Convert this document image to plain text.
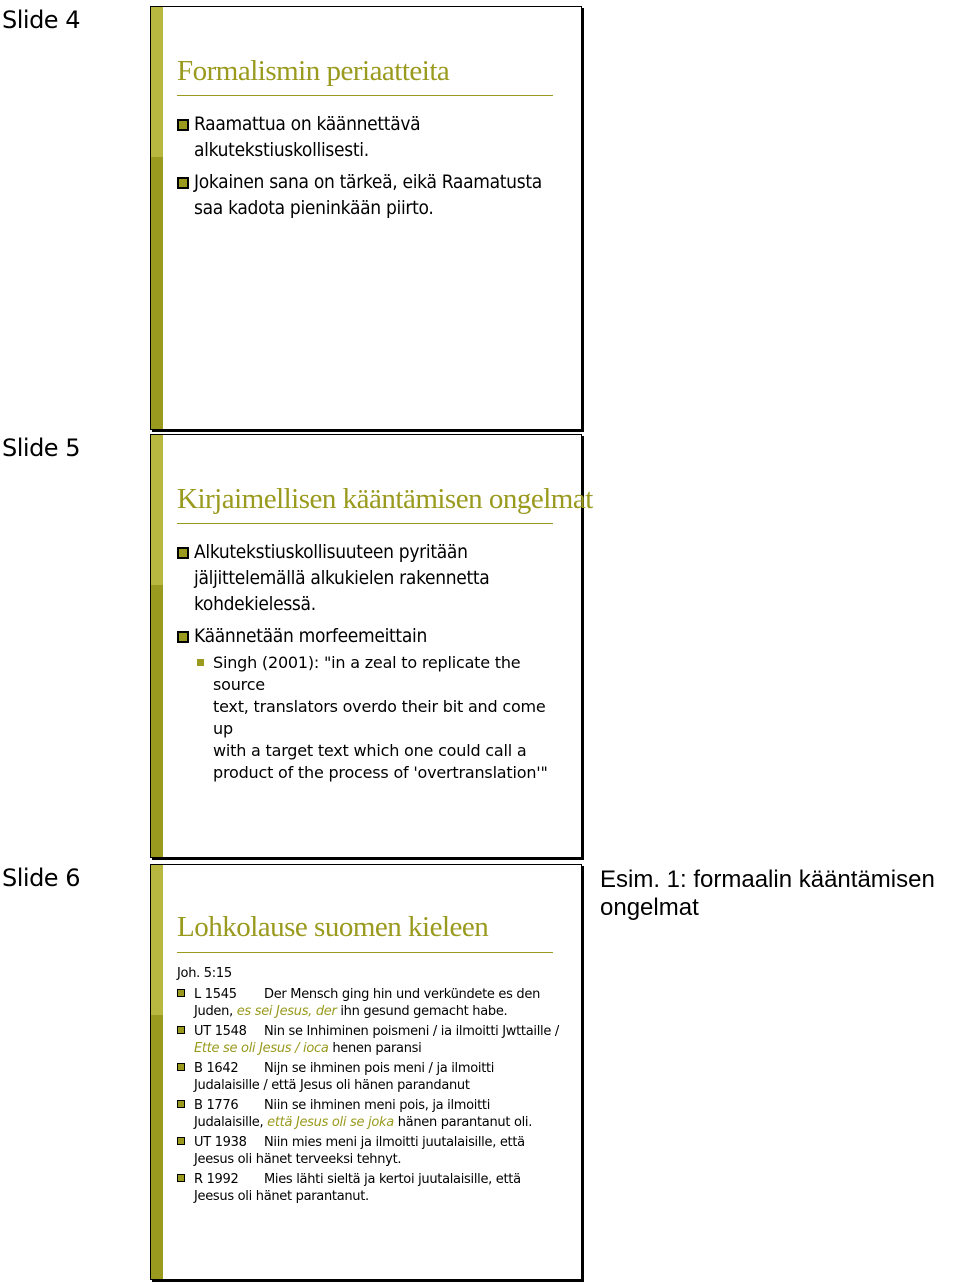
Slide 4
Formalismin periaatteita
Raamattua on käännettävä
alkutekstiuskollisesti.
Jokainen sana on tärkeä, eikä Raamatusta
saa kadota pieninkään piirto.
Slide 5
Kirjaimellisen kääntämisen ongelmat
Alkutekstiuskollisuuteen pyritään
jäljittelemällä alkukielen rakennetta
kohdekielessä.
Käännetään morfeemeittain
Singh (2001): "in a zeal to replicate the source
text, translators overdo their bit and come up
with a target text which one could call a
product of the process of 'overtranslation'"
Slide 6
Lohkolause suomen kieleen
Joh. 5:15
L 1545 Der Mensch ging hin und verkündete es den
Juden, es sei Jesus, der ihn gesund gemacht habe.
UT 1548 Nin se Inhiminen poismeni / ia ilmoitti Jwttaille /
Ette se oli Jesus / ioca henen paransi
B 1642 Nijn se ihminen pois meni / ja ilmoitti
Judalaisille / että Jesus oli hänen parandanut
B 1776 Niin se ihminen meni pois, ja ilmoitti
Judalaisille, että Jesus oli se joka hänen parantanut oli.
UT 1938 Niin mies meni ja ilmoitti juutalaisille, että
Jeesus oli hänet terveeksi tehnyt.
R 1992 Mies lähti sieltä ja kertoi juutalaisille, että
Jeesus oli hänet parantanut.
Esim. 1: formaalin kääntämisen
ongelmat
